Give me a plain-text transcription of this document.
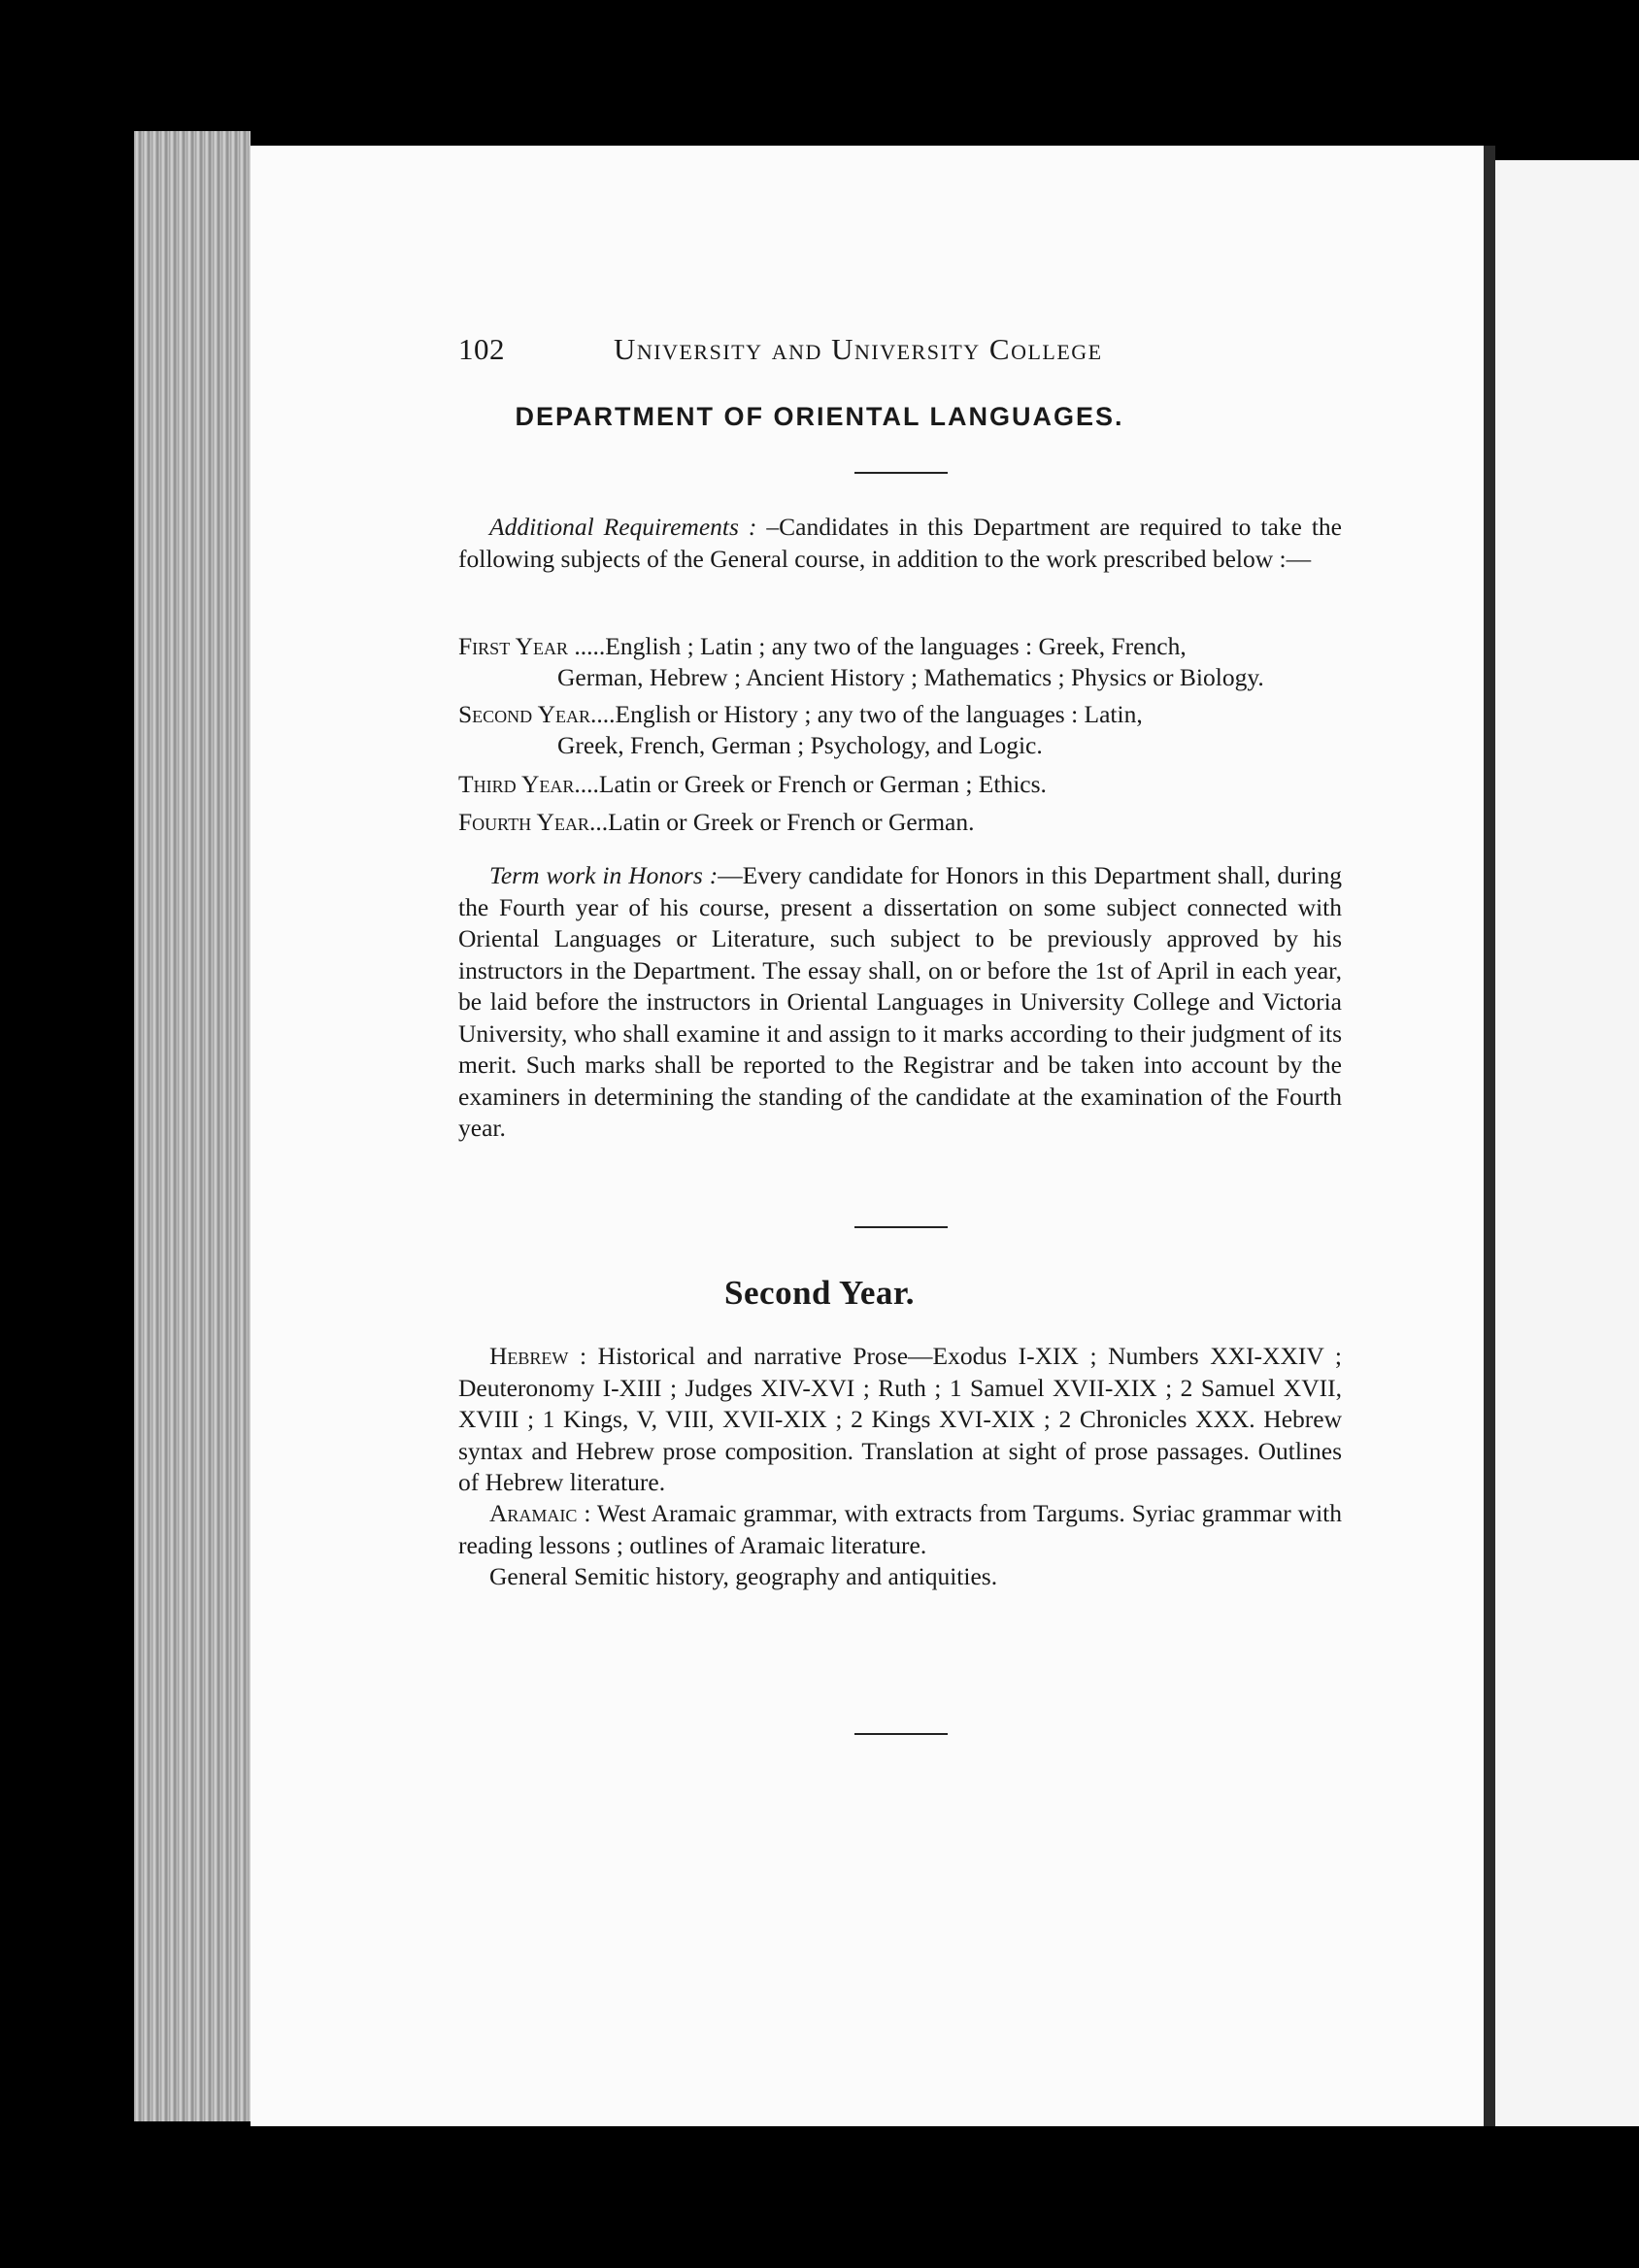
102	University and University College
DEPARTMENT OF ORIENTAL LANGUAGES.
Additional Requirements : –Candidates in this Department are required to take the following subjects of the General course, in addition to the work prescribed below :—
First Year .....English ; Latin ; any two of the languages : Greek, French,
German, Hebrew ; Ancient History ; Mathematics ; Physics or Biology.
Second Year....English or History ; any two of the languages : Latin,
Greek, French, German ; Psychology, and Logic.
Third Year....Latin or Greek or French or German ; Ethics.
Fourth Year...Latin or Greek or French or German.
Term work in Honors :—Every candidate for Honors in this Department shall, during the Fourth year of his course, present a dissertation on some subject connected with Oriental Languages or Literature, such subject to be previously approved by his instructors in the Department. The essay shall, on or before the 1st of April in each year, be laid before the instructors in Oriental Languages in University College and Victoria University, who shall examine it and assign to it marks according to their judgment of its merit. Such marks shall be reported to the Registrar and be taken into account by the examiners in determining the standing of the candidate at the examination of the Fourth year.
Second Year.
Hebrew : Historical and narrative Prose—Exodus I-XIX ; Numbers XXI-XXIV ; Deuteronomy I-XIII ; Judges XIV-XVI ; Ruth ; 1 Samuel XVII-XIX ; 2 Samuel XVII, XVIII ; 1 Kings, V, VIII, XVII-XIX ; 2 Kings XVI-XIX ; 2 Chronicles XXX. Hebrew syntax and Hebrew prose composition. Translation at sight of prose passages. Outlines of Hebrew literature.
Aramaic : West Aramaic grammar, with extracts from Targums. Syriac grammar with reading lessons ; outlines of Aramaic literature.
General Semitic history, geography and antiquities.
